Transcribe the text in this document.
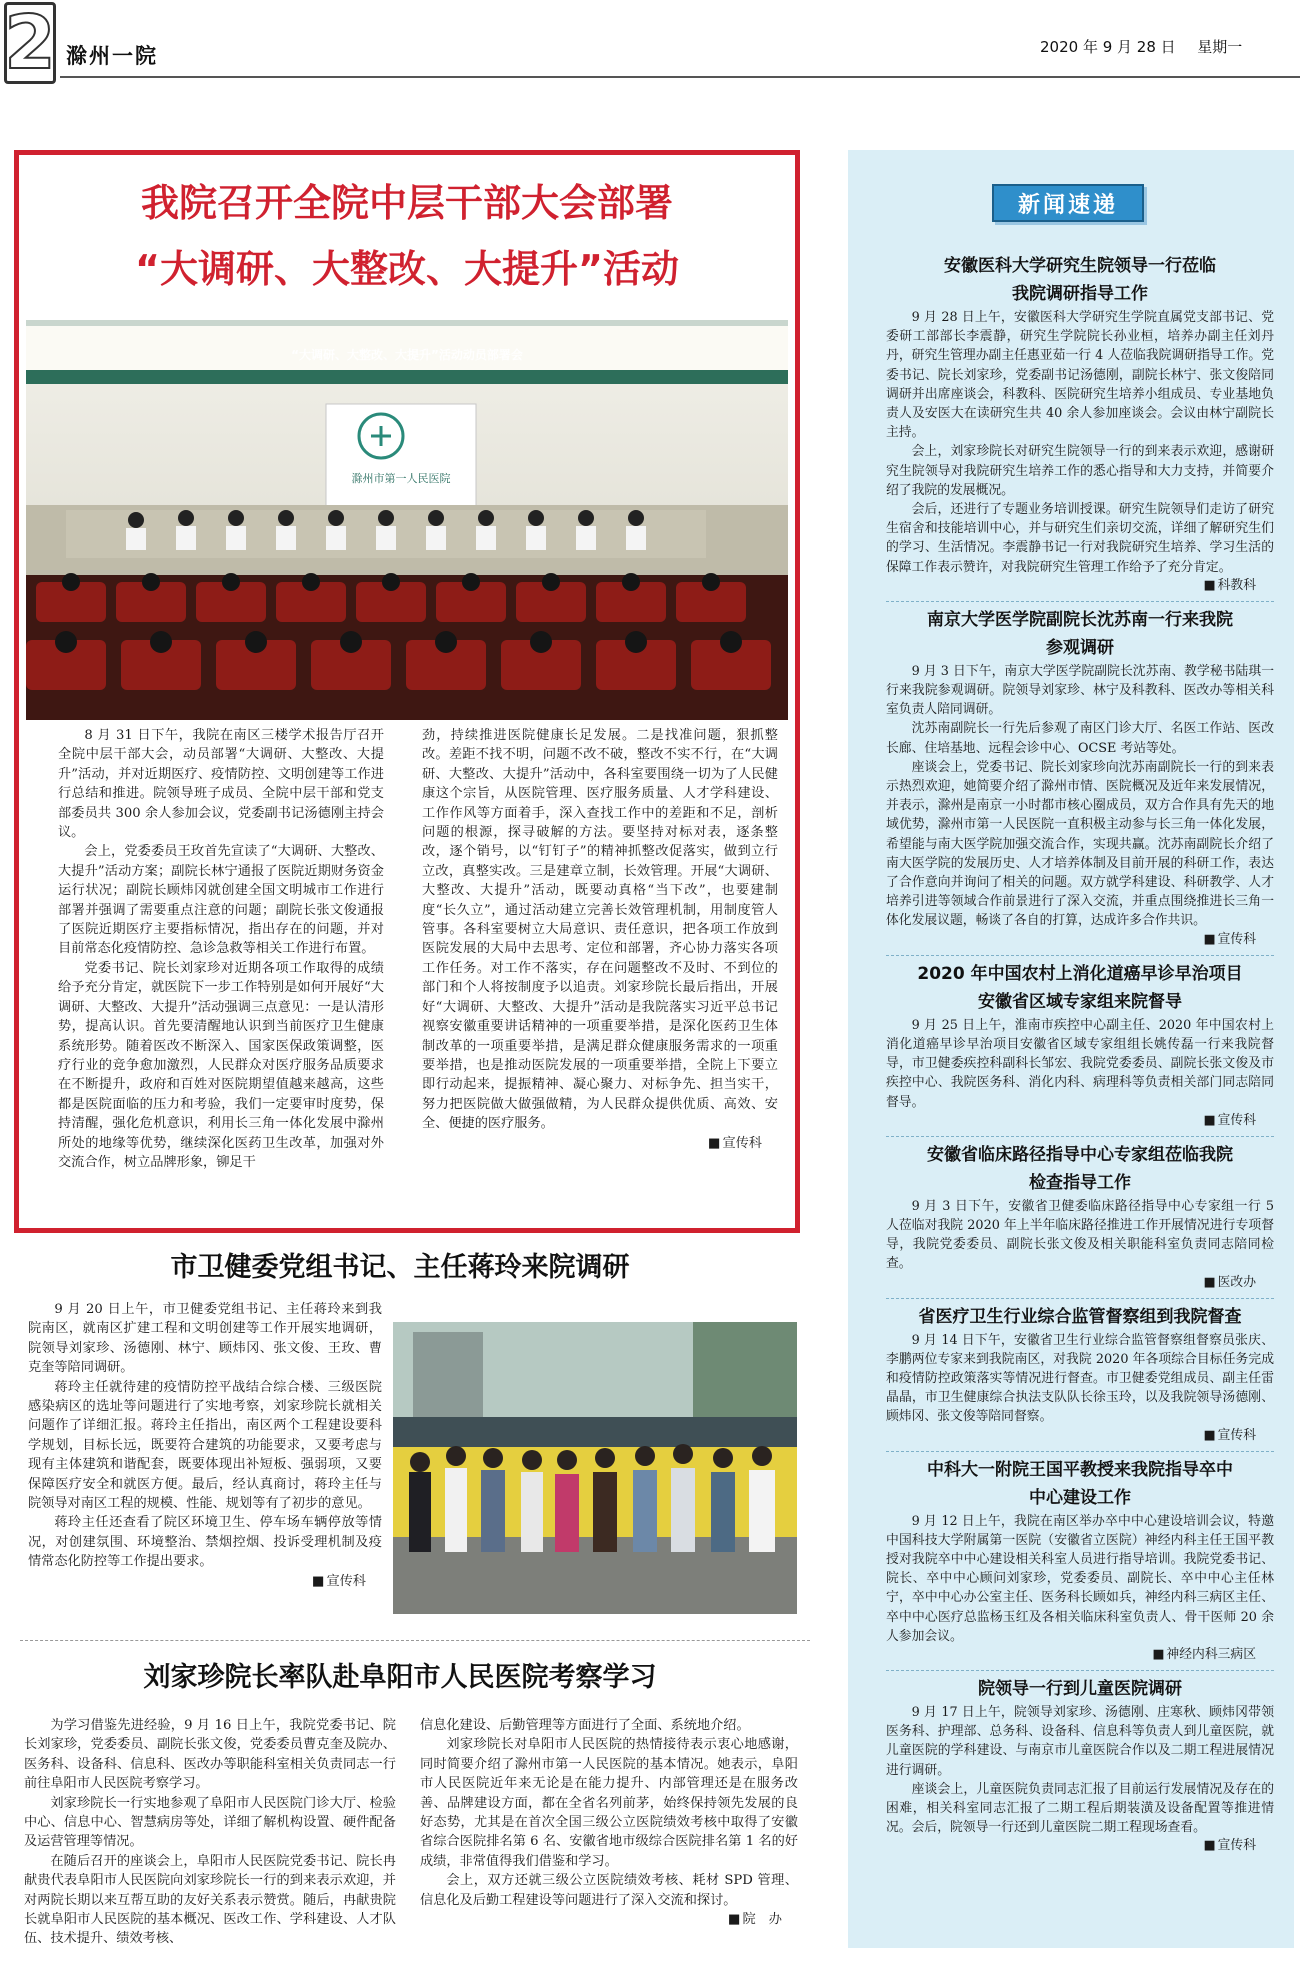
2 滁州一院	2020 年 9 月 28 日 星期一
我院召开全院中层干部大会部署
“大调研、大整改、大提升”活动
“大调研、大整改、大提升”活动动员部署会
滁州市第一人民医院

8 月 31 日下午，我院在南区三楼学术报告厅召开全院中层干部大会，动员部署“大调研、大整改、大提升”活动，并对近期医疗、疫情防控、文明创建等工作进行总结和推进。院领导班子成员、全院中层干部和党支部委员共 300 余人参加会议，党委副书记汤德刚主持会议。

会上，党委委员王玫首先宣读了“大调研、大整改、大提升”活动方案；副院长林宁通报了医院近期财务资金运行状况；副院长顾炜冈就创建全国文明城市工作进行部署并强调了需要重点注意的问题；副院长张文俊通报了医院近期医疗主要指标情况，指出存在的问题，并对目前常态化疫情防控、急诊急救等相关工作进行布置。

党委书记、院长刘家珍对近期各项工作取得的成绩给予充分肯定，就医院下一步工作特别是如何开展好“大调研、大整改、大提升”活动强调三点意见：一是认清形势，提高认识。首先要清醒地认识到当前医疗卫生健康系统形势。随着医改不断深入、国家医保政策调整，医疗行业的竞争愈加激烈，人民群众对医疗服务品质要求在不断提升，政府和百姓对医院期望值越来越高，这些都是医院面临的压力和考验，我们一定要审时度势，保持清醒，强化危机意识，利用长三角一体化发展中滁州所处的地缘等优势，继续深化医药卫生改革，加强对外交流合作，树立品牌形象，铆足干

劲，持续推进医院健康长足发展。二是找准问题，狠抓整改。差距不找不明，问题不改不破，整改不实不行，在“大调研、大整改、大提升”活动中，各科室要围绕一切为了人民健康这个宗旨，从医院管理、医疗服务质量、人才学科建设、工作作风等方面着手，深入查找工作中的差距和不足，剖析问题的根源，探寻破解的方法。要坚持对标对表，逐条整改，逐个销号，以“钉钉子”的精神抓整改促落实，做到立行立改，真整实改。三是建章立制，长效管理。开展“大调研、大整改、大提升”活动，既要动真格“当下改”，也要建制度“长久立”，通过活动建立完善长效管理机制，用制度管人管事。各科室要树立大局意识、责任意识，把各项工作放到医院发展的大局中去思考、定位和部署，齐心协力落实各项工作任务。对工作不落实，存在问题整改不及时、不到位的部门和个人将按制度予以追责。刘家珍院长最后指出，开展好“大调研、大整改、大提升”活动是我院落实习近平总书记视察安徽重要讲话精神的一项重要举措，是深化医药卫生体制改革的一项重要举措，是满足群众健康服务需求的一项重要举措，也是推动医院发展的一项重要举措，全院上下要立即行动起来，提振精神、凝心聚力、对标争先、担当实干，努力把医院做大做强做精，为人民群众提供优质、高效、安全、便捷的医疗服务。

■ 宣传科

市卫健委党组书记、主任蒋玲来院调研

9 月 20 日上午，市卫健委党组书记、主任蒋玲来到我院南区，就南区扩建工程和文明创建等工作开展实地调研，院领导刘家珍、汤德刚、林宁、顾炜冈、张文俊、王玫、曹克奎等陪同调研。

蒋玲主任就待建的疫情防控平战结合综合楼、三级医院感染病区的选址等问题进行了实地考察，刘家珍院长就相关问题作了详细汇报。蒋玲主任指出，南区两个工程建设要科学规划，目标长远，既要符合建筑的功能要求，又要考虑与现有主体建筑和谐配套，既要体现出补短板、强弱项，又要保障医疗安全和就医方便。最后，经认真商讨，蒋玲主任与院领导对南区工程的规模、性能、规划等有了初步的意见。

蒋玲主任还查看了院区环境卫生、停车场车辆停放等情况，对创建氛围、环境整治、禁烟控烟、投诉受理机制及疫情常态化防控等工作提出要求。

■ 宣传科

刘家珍院长率队赴阜阳市人民医院考察学习

为学习借鉴先进经验，9 月 16 日上午，我院党委书记、院长刘家珍，党委委员、副院长张文俊，党委委员曹克奎及院办、医务科、设备科、信息科、医改办等职能科室相关负责同志一行前往阜阳市人民医院考察学习。

刘家珍院长一行实地参观了阜阳市人民医院门诊大厅、检验中心、信息中心、智慧病房等处，详细了解机构设置、硬件配备及运营管理等情况。

在随后召开的座谈会上，阜阳市人民医院党委书记、院长冉献贵代表阜阳市人民医院向刘家珍院长一行的到来表示欢迎，并对两院长期以来互帮互助的友好关系表示赞赏。随后，冉献贵院长就阜阳市人民医院的基本概况、医改工作、学科建设、人才队伍、技术提升、绩效考核、

信息化建设、后勤管理等方面进行了全面、系统地介绍。

刘家珍院长对阜阳市人民医院的热情接待表示衷心地感谢，同时简要介绍了滁州市第一人民医院的基本情况。她表示，阜阳市人民医院近年来无论是在能力提升、内部管理还是在服务改善、品牌建设方面，都在全省名列前茅，始终保持领先发展的良好态势，尤其是在首次全国三级公立医院绩效考核中取得了安徽省综合医院排名第 6 名、安徽省地市级综合医院排名第 1 名的好成绩，非常值得我们借鉴和学习。

会上，双方还就三级公立医院绩效考核、耗材 SPD 管理、信息化及后勤工程建设等问题进行了深入交流和探讨。

■ 院　办

新闻速递
安徽医科大学研究生院领导一行莅临
我院调研指导工作

9 月 28 日上午，安徽医科大学研究生学院直属党支部书记、党委研工部部长李震静，研究生学院院长孙业桓，培养办副主任刘丹丹，研究生管理办副主任惠亚茹一行 4 人莅临我院调研指导工作。党委书记、院长刘家珍，党委副书记汤德刚，副院长林宁、张文俊陪同调研并出席座谈会，科教科、医院研究生培养小组成员、专业基地负责人及安医大在读研究生共 40 余人参加座谈会。会议由林宁副院长主持。

会上，刘家珍院长对研究生院领导一行的到来表示欢迎，感谢研究生院领导对我院研究生培养工作的悉心指导和大力支持，并简要介绍了我院的发展概况。

会后，还进行了专题业务培训授课。研究生院领导们走访了研究生宿舍和技能培训中心，并与研究生们亲切交流，详细了解研究生们的学习、生活情况。李震静书记一行对我院研究生培养、学习生活的保障工作表示赞许，对我院研究生管理工作给予了充分肯定。

■ 科教科

南京大学医学院副院长沈苏南一行来我院
参观调研

9 月 3 日下午，南京大学医学院副院长沈苏南、教学秘书陆琪一行来我院参观调研。院领导刘家珍、林宁及科教科、医改办等相关科室负责人陪同调研。

沈苏南副院长一行先后参观了南区门诊大厅、名医工作站、医改长廊、住培基地、远程会诊中心、OCSE 考站等处。

座谈会上，党委书记、院长刘家珍向沈苏南副院长一行的到来表示热烈欢迎，她简要介绍了滁州市情、医院概况及近年来发展情况，并表示，滁州是南京一小时都市核心圈成员，双方合作具有先天的地域优势，滁州市第一人民医院一直积极主动参与长三角一体化发展，希望能与南大医学院加强交流合作，实现共赢。沈苏南副院长介绍了南大医学院的发展历史、人才培养体制及目前开展的科研工作，表达了合作意向并询问了相关的问题。双方就学科建设、科研教学、人才培养引进等领域合作前景进行了深入交流，并重点围绕推进长三角一体化发展议题，畅谈了各自的打算，达成许多合作共识。

■ 宣传科

2020 年中国农村上消化道癌早诊早治项目
安徽省区域专家组来院督导

9 月 25 日上午，淮南市疾控中心副主任、2020 年中国农村上消化道癌早诊早治项目安徽省区域专家组组长姚传磊一行来我院督导，市卫健委疾控科副科长邹宏、我院党委委员、副院长张文俊及市疾控中心、我院医务科、消化内科、病理科等负责相关部门同志陪同督导。

■ 宣传科

安徽省临床路径指导中心专家组莅临我院
检查指导工作

9 月 3 日下午，安徽省卫健委临床路径指导中心专家组一行 5 人莅临对我院 2020 年上半年临床路径推进工作开展情况进行专项督导，我院党委委员、副院长张文俊及相关职能科室负责同志陪同检查。

■ 医改办

省医疗卫生行业综合监管督察组到我院督查

9 月 14 日下午，安徽省卫生行业综合监管督察组督察员张庆、李鹏两位专家来到我院南区，对我院 2020 年各项综合目标任务完成和疫情防控政策落实等情况进行督查。市卫健委党组成员、副主任雷晶晶，市卫生健康综合执法支队队长徐玉玲，以及我院领导汤德刚、顾炜冈、张文俊等陪同督察。

■ 宣传科

中科大一附院王国平教授来我院指导卒中
中心建设工作

9 月 12 日上午，我院在南区举办卒中中心建设培训会议，特邀中国科技大学附属第一医院（安徽省立医院）神经内科主任王国平教授对我院卒中中心建设相关科室人员进行指导培训。我院党委书记、院长、卒中中心顾问刘家珍，党委委员、副院长、卒中中心主任林宁，卒中中心办公室主任、医务科长顾如兵，神经内科三病区主任、卒中中心医疗总监杨玉红及各相关临床科室负责人、骨干医师 20 余人参加会议。

■ 神经内科三病区

院领导一行到儿童医院调研

9 月 17 日上午，院领导刘家珍、汤德刚、庄寒秋、顾炜冈带领医务科、护理部、总务科、设备科、信息科等负责人到儿童医院，就儿童医院的学科建设、与南京市儿童医院合作以及二期工程进展情况进行调研。

座谈会上，儿童医院负责同志汇报了目前运行发展情况及存在的困难，相关科室同志汇报了二期工程后期装潢及设备配置等推进情况。会后，院领导一行还到儿童医院二期工程现场查看。

■ 宣传科
